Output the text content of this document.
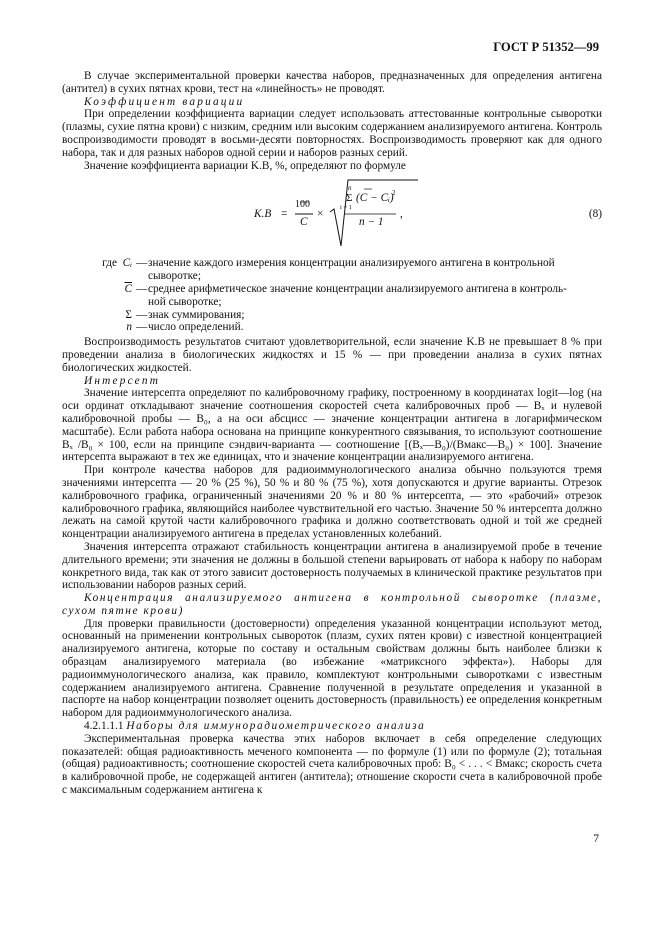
ГОСТ Р 51352—99

В случае экспериментальной проверки качества наборов, предназначенных для определения антигена (антител) в сухих пятнах крови, тест на «линейность» не проводят.

Коэффициент вариации

При определении коэффициента вариации следует использовать аттестованные контрольные сыворотки (плазмы, сухие пятна крови) с низким, средним или высоким содержанием анализируемого антигена. Контроль воспроизводимости проводят в восьми-десяти повторностях. Воспроизводимость проверяют как для одного набора, так и для разных наборов одной серии и наборов разных серий.

Значение коэффициента вариации K.B, %, определяют по формуле

K.B =
100
C
×
n
Σ
i = 1
(C − Cᵢ)
2
n − 1
,	(8)
где Cᵢ — значение каждого измерения концентрации анализируемого антигена в контрольной
сыворотке;
$\overline{C}$ — среднее арифметическое значение концентрации анализируемого антигена в контроль-
ной сыворотке;
Σ — знак суммирования;
n — число определений.

Воспроизводимость результатов считают удовлетворительной, если значение K.B не превышает 8 % при проведении анализа в биологических жидкостях и 15 % — при проведении анализа в сухих пятнах биологических жидкостей.

Интерсепт

Значение интерсепта определяют по калибровочному графику, построенному в координатах logit—log (на оси ординат откладывают значение соотношения скоростей счета калибровочных проб — Bₓ и нулевой калибровочной пробы — B₀, а на оси абсцисс — значение концентрации антигена в логарифмическом масштабе). Если работа набора основана на принципе конкурентного связывания, то используют соотношение Bₓ /B₀ × 100, если на принципе сэндвич-варианта — соотношение [(Bₓ—B₀)/(Bмакс—B₀) × 100]. Значение интерсепта выражают в тех же единицах, что и значение концентрации анализируемого антигена.

При контроле качества наборов для радиоиммунологического анализа обычно пользуются тремя значениями интерсепта — 20 % (25 %), 50 % и 80 % (75 %), хотя допускаются и другие варианты. Отрезок калибровочного графика, ограниченный значениями 20 % и 80 % интерсепта, — это «рабочий» отрезок калибровочного графика, являющийся наиболее чувствительной его частью. Значение 50 % интерсепта должно лежать на самой крутой части калибровочного графика и должно соответствовать одной и той же средней концентрации анализируемого антигена в пределах установленных колебаний.

Значения интерсепта отражают стабильность концентрации антигена в анализируемой пробе в течение длительного времени; эти значения не должны в большой степени варьировать от набора к набору по наборам конкретного вида, так как от этого зависит достоверность получаемых в клинической практике результатов при использовании наборов разных серий.

Концентрация анализируемого антигена в контрольной сыворотке (плазме, сухом пятне крови)

Для проверки правильности (достоверности) определения указанной концентрации используют метод, основанный на применении контрольных сывороток (плазм, сухих пятен крови) с известной концентрацией анализируемого антигена, которые по составу и остальным свойствам должны быть наиболее близки к образцам анализируемого материала (во избежание «матриксного эффекта»). Наборы для радиоиммунологического анализа, как правило, комплектуют контрольными сыворотками с известным содержанием анализируемого антигена. Сравнение полученной в результате определения и указанной в паспорте на набор концентрации позволяет оценить достоверность (правильность) ее определения конкретным набором для радиоиммунологического анализа.

4.2.1.1.1 Наборы для иммунорадиометрического анализа

Экспериментальная проверка качества этих наборов включает в себя определение следующих показателей: общая радиоактивность меченого компонента — по формуле (1) или по формуле (2); тотальная (общая) радиоактивность; соотношение скоростей счета калибровочных проб: B₀ < . . . < Bмакс; скорость счета в калибровочной пробе, не содержащей антиген (антитела); отношение скорости счета в калибровочной пробе с максимальным содержанием антигена к

7
